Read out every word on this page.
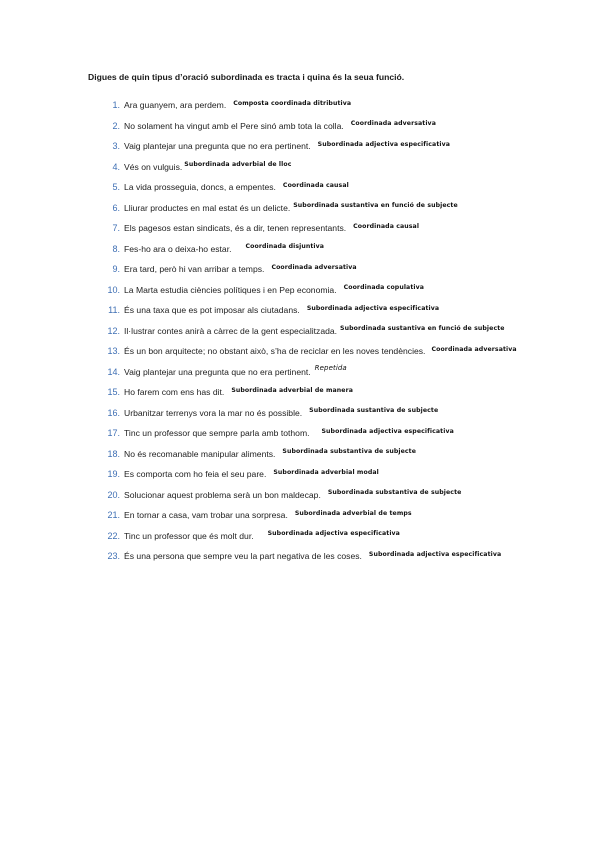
Digues de quin tipus d’oració subordinada es tracta i quina és la seua funció.
1. Ara guanyem, ara perdem. Composta coordinada ditributiva
2. No solament ha vingut amb el Pere sinó amb tota la colla. Coordinada adversativa
3. Vaig plantejar una pregunta que no era pertinent. Subordinada adjectiva especificativa
4. Vés on vulguis. Subordinada adverbial de lloc
5. La vida prosseguia, doncs, a empentes. Coordinada causal
6. Lliurar productes en mal estat és un delicte. Subordinada sustantiva en funció de subjecte
7. Els pagesos estan sindicats, és a dir, tenen representants. Coordinada causal
8. Fes-ho ara o deixa-ho estar. Coordinada disjuntiva
9. Era tard, però hi van arribar a temps. Coordinada adversativa
10. La Marta estudia ciències polítiques i en Pep economia. Coordinada copulativa
11. És una taxa que es pot imposar als ciutadans. Subordinada adjectiva especificativa
12. Il·lustrar contes anirà a càrrec de la gent especialitzada. Subordinada sustantiva en funció de subjecte
13. És un bon arquitecte; no obstant això, s’ha de reciclar en les noves tendències. Coordinada adversativa
14. Vaig plantejar una pregunta que no era pertinent. Repetida
15. Ho farem com ens has dit. Subordinada adverbial de manera
16. Urbanitzar terrenys vora la mar no és possible. Subordinada sustantiva de subjecte
17. Tinc un professor que sempre parla amb tothom. Subordinada adjectiva especificativa
18. No és recomanable manipular aliments. Subordinada substantiva de subjecte
19. Es comporta com ho feia el seu pare. Subordinada adverbial modal
20. Solucionar aquest problema serà un bon maldecap. Subordinada substantiva de subjecte
21. En tornar a casa, vam trobar una sorpresa. Subordinada adverbial de temps
22. Tinc un professor que és molt dur. Subordinada adjectiva especificativa
23. És una persona que sempre veu la part negativa de les coses. Subordinada adjectiva especificativa
